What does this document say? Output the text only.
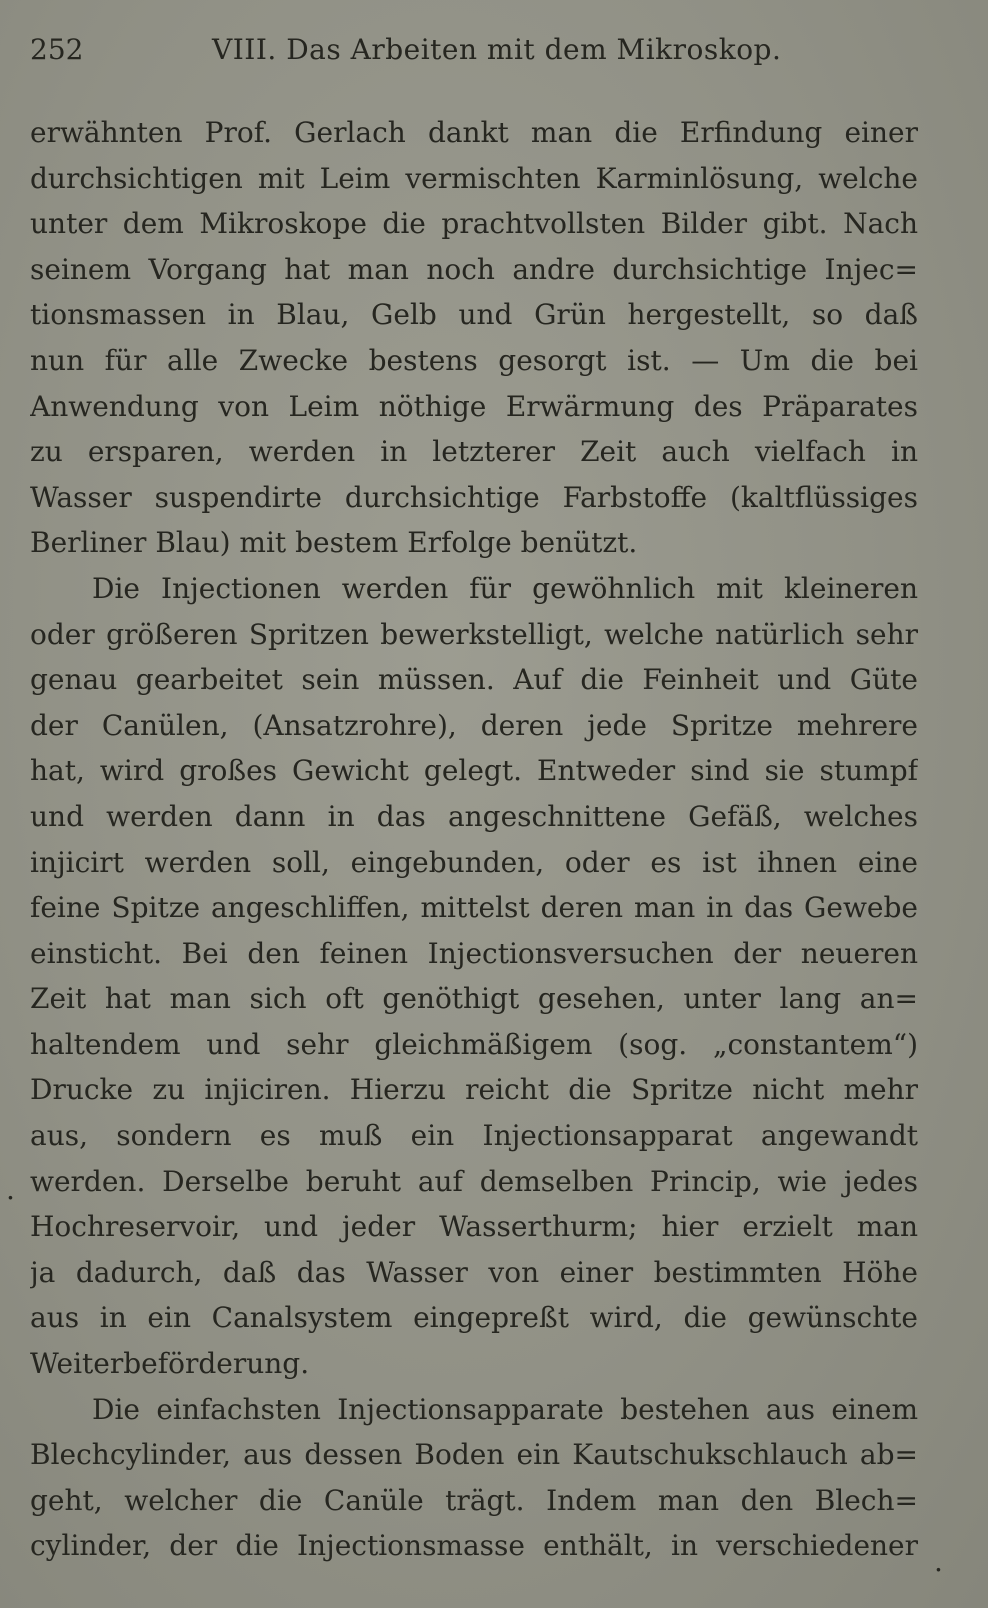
252	VIII. Das Arbeiten mit dem Mikroskop.
erwähnten Prof. Gerlach dankt man die Erfindung einer
durchsichtigen mit Leim vermischten Karminlösung, welche
unter dem Mikroskope die prachtvollsten Bilder gibt. Nach
seinem Vorgang hat man noch andre durchsichtige Injec=
tionsmassen in Blau, Gelb und Grün hergestellt, so daß
nun für alle Zwecke bestens gesorgt ist. — Um die bei
Anwendung von Leim nöthige Erwärmung des Präparates
zu ersparen, werden in letzterer Zeit auch vielfach in
Wasser suspendirte durchsichtige Farbstoffe (kaltflüssiges
Berliner Blau) mit bestem Erfolge benützt.
Die Injectionen werden für gewöhnlich mit kleineren
oder größeren Spritzen bewerkstelligt, welche natürlich sehr
genau gearbeitet sein müssen. Auf die Feinheit und Güte
der Canülen, (Ansatzrohre), deren jede Spritze mehrere
hat, wird großes Gewicht gelegt. Entweder sind sie stumpf
und werden dann in das angeschnittene Gefäß, welches
injicirt werden soll, eingebunden, oder es ist ihnen eine
feine Spitze angeschliffen, mittelst deren man in das Gewebe
einsticht. Bei den feinen Injectionsversuchen der neueren
Zeit hat man sich oft genöthigt gesehen, unter lang an=
haltendem und sehr gleichmäßigem (sog. „constantem“)
Drucke zu injiciren. Hierzu reicht die Spritze nicht mehr
aus, sondern es muß ein Injectionsapparat angewandt
werden. Derselbe beruht auf demselben Princip, wie jedes
Hochreservoir, und jeder Wasserthurm; hier erzielt man
ja dadurch, daß das Wasser von einer bestimmten Höhe
aus in ein Canalsystem eingepreßt wird, die gewünschte
Weiterbeförderung.
Die einfachsten Injectionsapparate bestehen aus einem
Blechcylinder, aus dessen Boden ein Kautschukschlauch ab=
geht, welcher die Canüle trägt. Indem man den Blech=
cylinder, der die Injectionsmasse enthält, in verschiedener
.
.
